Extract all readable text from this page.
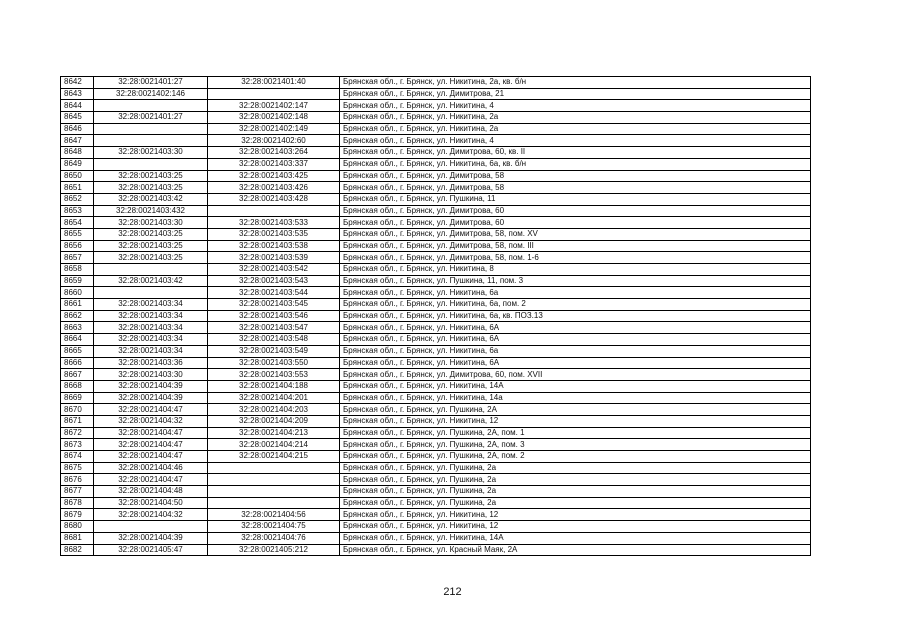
8642	32:28:0021401:27	32:28:0021401:40	Брянская обл., г. Брянск, ул. Никитина, 2а, кв. б/н
8643	32:28:0021402:146		Брянская обл., г. Брянск, ул. Димитрова, 21
8644		32:28:0021402:147	Брянская обл., г. Брянск, ул. Никитина, 4
8645	32:28:0021401:27	32:28:0021402:148	Брянская обл., г. Брянск, ул. Никитина, 2а
8646		32:28:0021402:149	Брянская обл., г. Брянск, ул. Никитина, 2а
8647		32:28:0021402:60	Брянская обл., г. Брянск, ул. Никитина, 4
8648	32:28:0021403:30	32:28:0021403:264	Брянская обл., г. Брянск, ул. Димитрова, 60, кв. II
8649		32:28:0021403:337	Брянская обл., г. Брянск, ул. Никитина, 6а, кв. б/н
8650	32:28:0021403:25	32:28:0021403:425	Брянская обл., г. Брянск, ул. Димитрова, 58
8651	32:28:0021403:25	32:28:0021403:426	Брянская обл., г. Брянск, ул. Димитрова, 58
8652	32:28:0021403:42	32:28:0021403:428	Брянская обл., г. Брянск, ул. Пушкина, 11
8653	32:28:0021403:432		Брянская обл., г. Брянск, ул. Димитрова, 60
8654	32:28:0021403:30	32:28:0021403:533	Брянская обл., г. Брянск, ул. Димитрова, 60
8655	32:28:0021403:25	32:28:0021403:535	Брянская обл., г. Брянск, ул. Димитрова, 58, пом. XV
8656	32:28:0021403:25	32:28:0021403:538	Брянская обл., г. Брянск, ул. Димитрова, 58, пом. III
8657	32:28:0021403:25	32:28:0021403:539	Брянская обл., г. Брянск, ул. Димитрова, 58, пом. 1-6
8658		32:28:0021403:542	Брянская обл., г. Брянск, ул. Никитина, 8
8659	32:28:0021403:42	32:28:0021403:543	Брянская обл., г. Брянск, ул. Пушкина, 11, пом. 3
8660		32:28:0021403:544	Брянская обл., г. Брянск, ул. Никитина, 6а
8661	32:28:0021403:34	32:28:0021403:545	Брянская обл., г. Брянск, ул. Никитина, 6а, пом. 2
8662	32:28:0021403:34	32:28:0021403:546	Брянская обл., г. Брянск, ул. Никитина, 6а, кв. ПОЗ.13
8663	32:28:0021403:34	32:28:0021403:547	Брянская обл., г. Брянск, ул. Никитина, 6А
8664	32:28:0021403:34	32:28:0021403:548	Брянская обл., г. Брянск, ул. Никитина, 6А
8665	32:28:0021403:34	32:28:0021403:549	Брянская обл., г. Брянск, ул. Никитина, 6а
8666	32:28:0021403:36	32:28:0021403:550	Брянская обл., г. Брянск, ул. Никитина, 6А
8667	32:28:0021403:30	32:28:0021403:553	Брянская обл., г. Брянск, ул. Димитрова, 60, пом. XVII
8668	32:28:0021404:39	32:28:0021404:188	Брянская обл., г. Брянск, ул. Никитина, 14А
8669	32:28:0021404:39	32:28:0021404:201	Брянская обл., г. Брянск, ул. Никитина, 14а
8670	32:28:0021404:47	32:28:0021404:203	Брянская обл., г. Брянск, ул. Пушкина, 2А
8671	32:28:0021404:32	32:28:0021404:209	Брянская обл., г. Брянск, ул. Никитина, 12
8672	32:28:0021404:47	32:28:0021404:213	Брянская обл., г. Брянск, ул. Пушкина, 2А, пом. 1
8673	32:28:0021404:47	32:28:0021404:214	Брянская обл., г. Брянск, ул. Пушкина, 2А, пом. 3
8674	32:28:0021404:47	32:28:0021404:215	Брянская обл., г. Брянск, ул. Пушкина, 2А, пом. 2
8675	32:28:0021404:46		Брянская обл., г. Брянск, ул. Пушкина, 2а
8676	32:28:0021404:47		Брянская обл., г. Брянск, ул. Пушкина, 2а
8677	32:28:0021404:48		Брянская обл., г. Брянск, ул. Пушкина, 2а
8678	32:28:0021404:50		Брянская обл., г. Брянск, ул. Пушкина, 2а
8679	32:28:0021404:32	32:28:0021404:56	Брянская обл., г. Брянск, ул. Никитина, 12
8680		32:28:0021404:75	Брянская обл., г. Брянск, ул. Никитина, 12
8681	32:28:0021404:39	32:28:0021404:76	Брянская обл., г. Брянск, ул. Никитина, 14А
8682	32:28:0021405:47	32:28:0021405:212	Брянская обл., г. Брянск, ул. Красный Маяк, 2А
212
